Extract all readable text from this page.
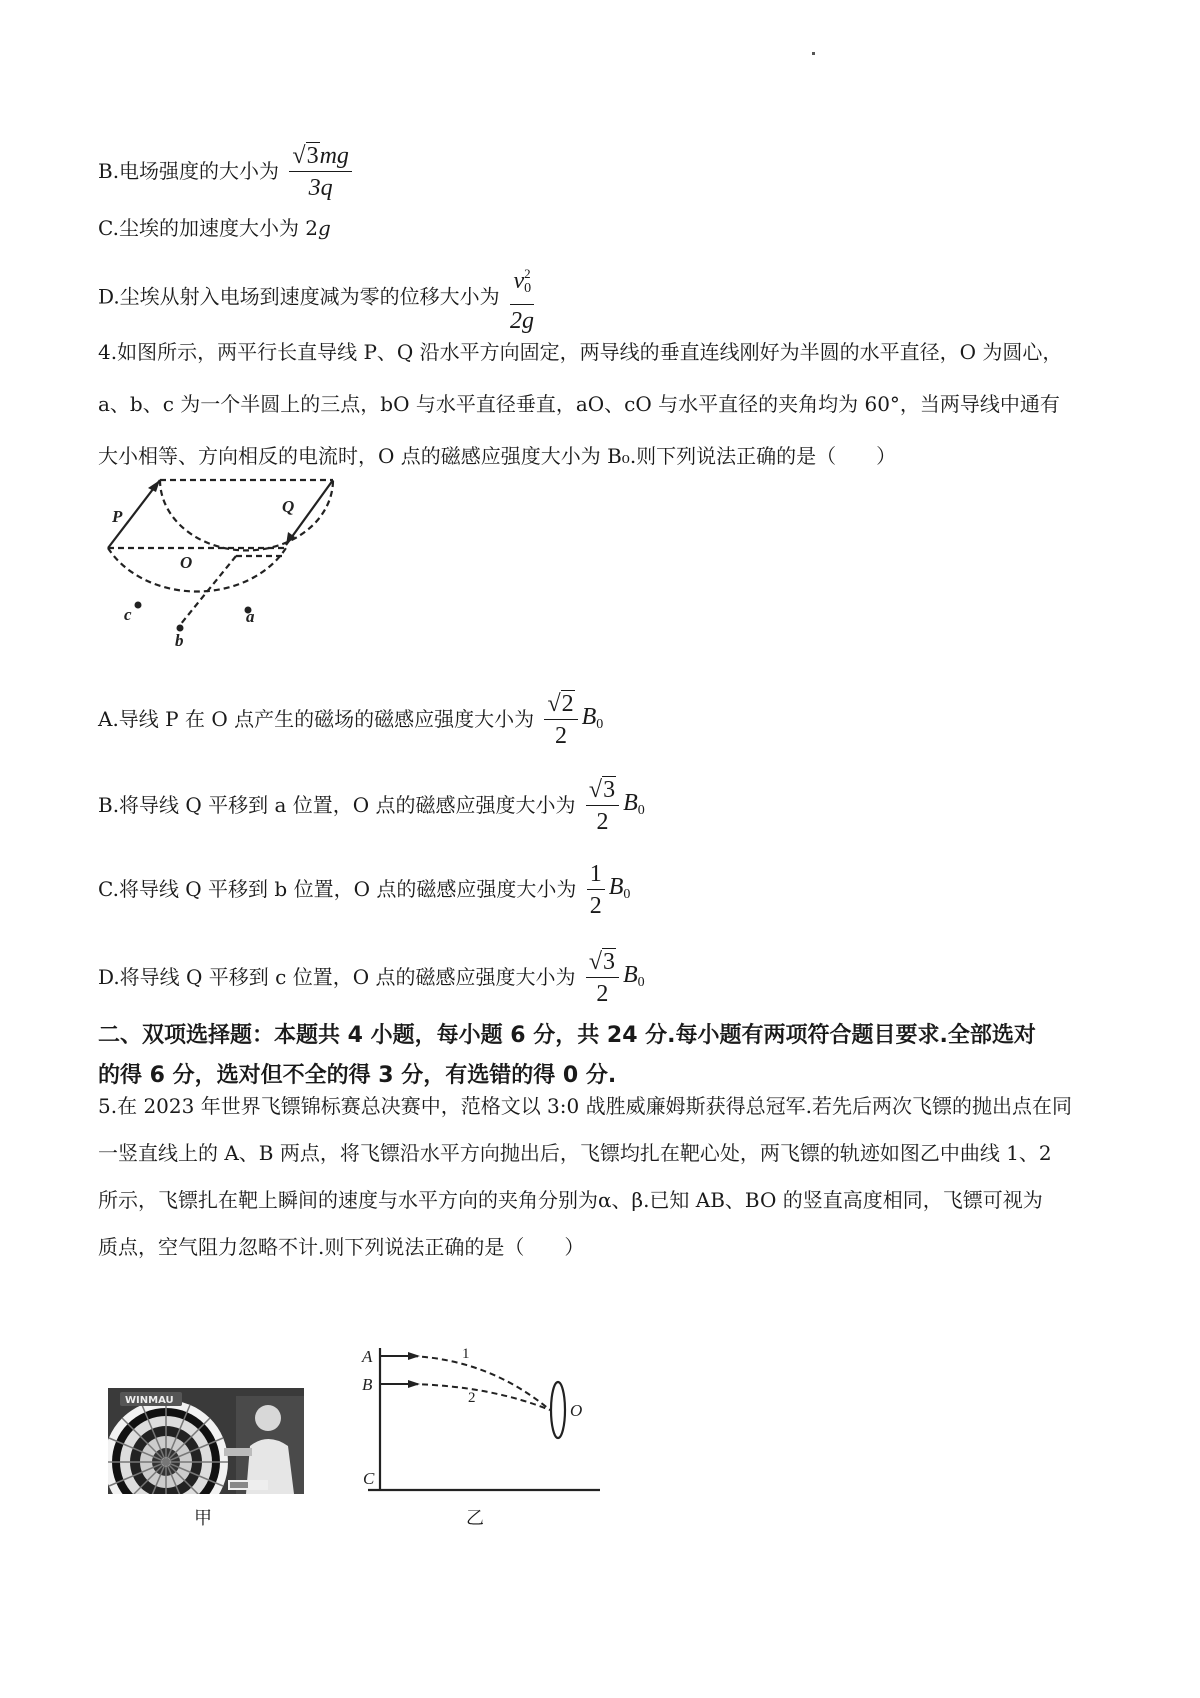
B.电场强度的大小为 $\frac{√3mg}{3q}$
C.尘埃的加速度大小为 2g
D.尘埃从射入电场到速度减为零的位移大小为 $\frac{v_0^2}{2g}$
4.如图所示，两平行长直导线 P、Q 沿水平方向固定，两导线的垂直连线刚好为半圆的水平直径，O 为圆心，
a、b、c 为一个半圆上的三点，bO 与水平直径垂直，aO、cO 与水平直径的夹角均为 60°，当两导线中通有
大小相等、方向相反的电流时，O 点的磁感应强度大小为 B₀.则下列说法正确的是（　　）
P
Q
O
a
b
c
A.导线 P 在 O 点产生的磁场的磁感应强度大小为 $\frac{√2}{2} B_0$
B.将导线 Q 平移到 a 位置，O 点的磁感应强度大小为 $\frac{√3}{2} B_0$
C.将导线 Q 平移到 b 位置，O 点的磁感应强度大小为 $\frac{1}{2} B_0$
D.将导线 Q 平移到 c 位置，O 点的磁感应强度大小为 $\frac{√3}{2} B_0$
二、双项选择题：本题共 4 小题，每小题 6 分，共 24 分.每小题有两项符合题目要求.全部选对
的得 6 分，选对但不全的得 3 分，有选错的得 0 分.
5.在 2023 年世界飞镖锦标赛总决赛中，范格文以 3:0 战胜威廉姆斯获得总冠军.若先后两次飞镖的抛出点在同
一竖直线上的 A、B 两点，将飞镖沿水平方向抛出后，飞镖均扎在靶心处，两飞镖的轨迹如图乙中曲线 1、2
所示，飞镖扎在靶上瞬间的速度与水平方向的夹角分别为α、β.已知 AB、BO 的竖直高度相同，飞镖可视为
质点，空气阻力忽略不计.则下列说法正确的是（　　）
WINMAU
甲
A
B
C
O
1
2
乙
